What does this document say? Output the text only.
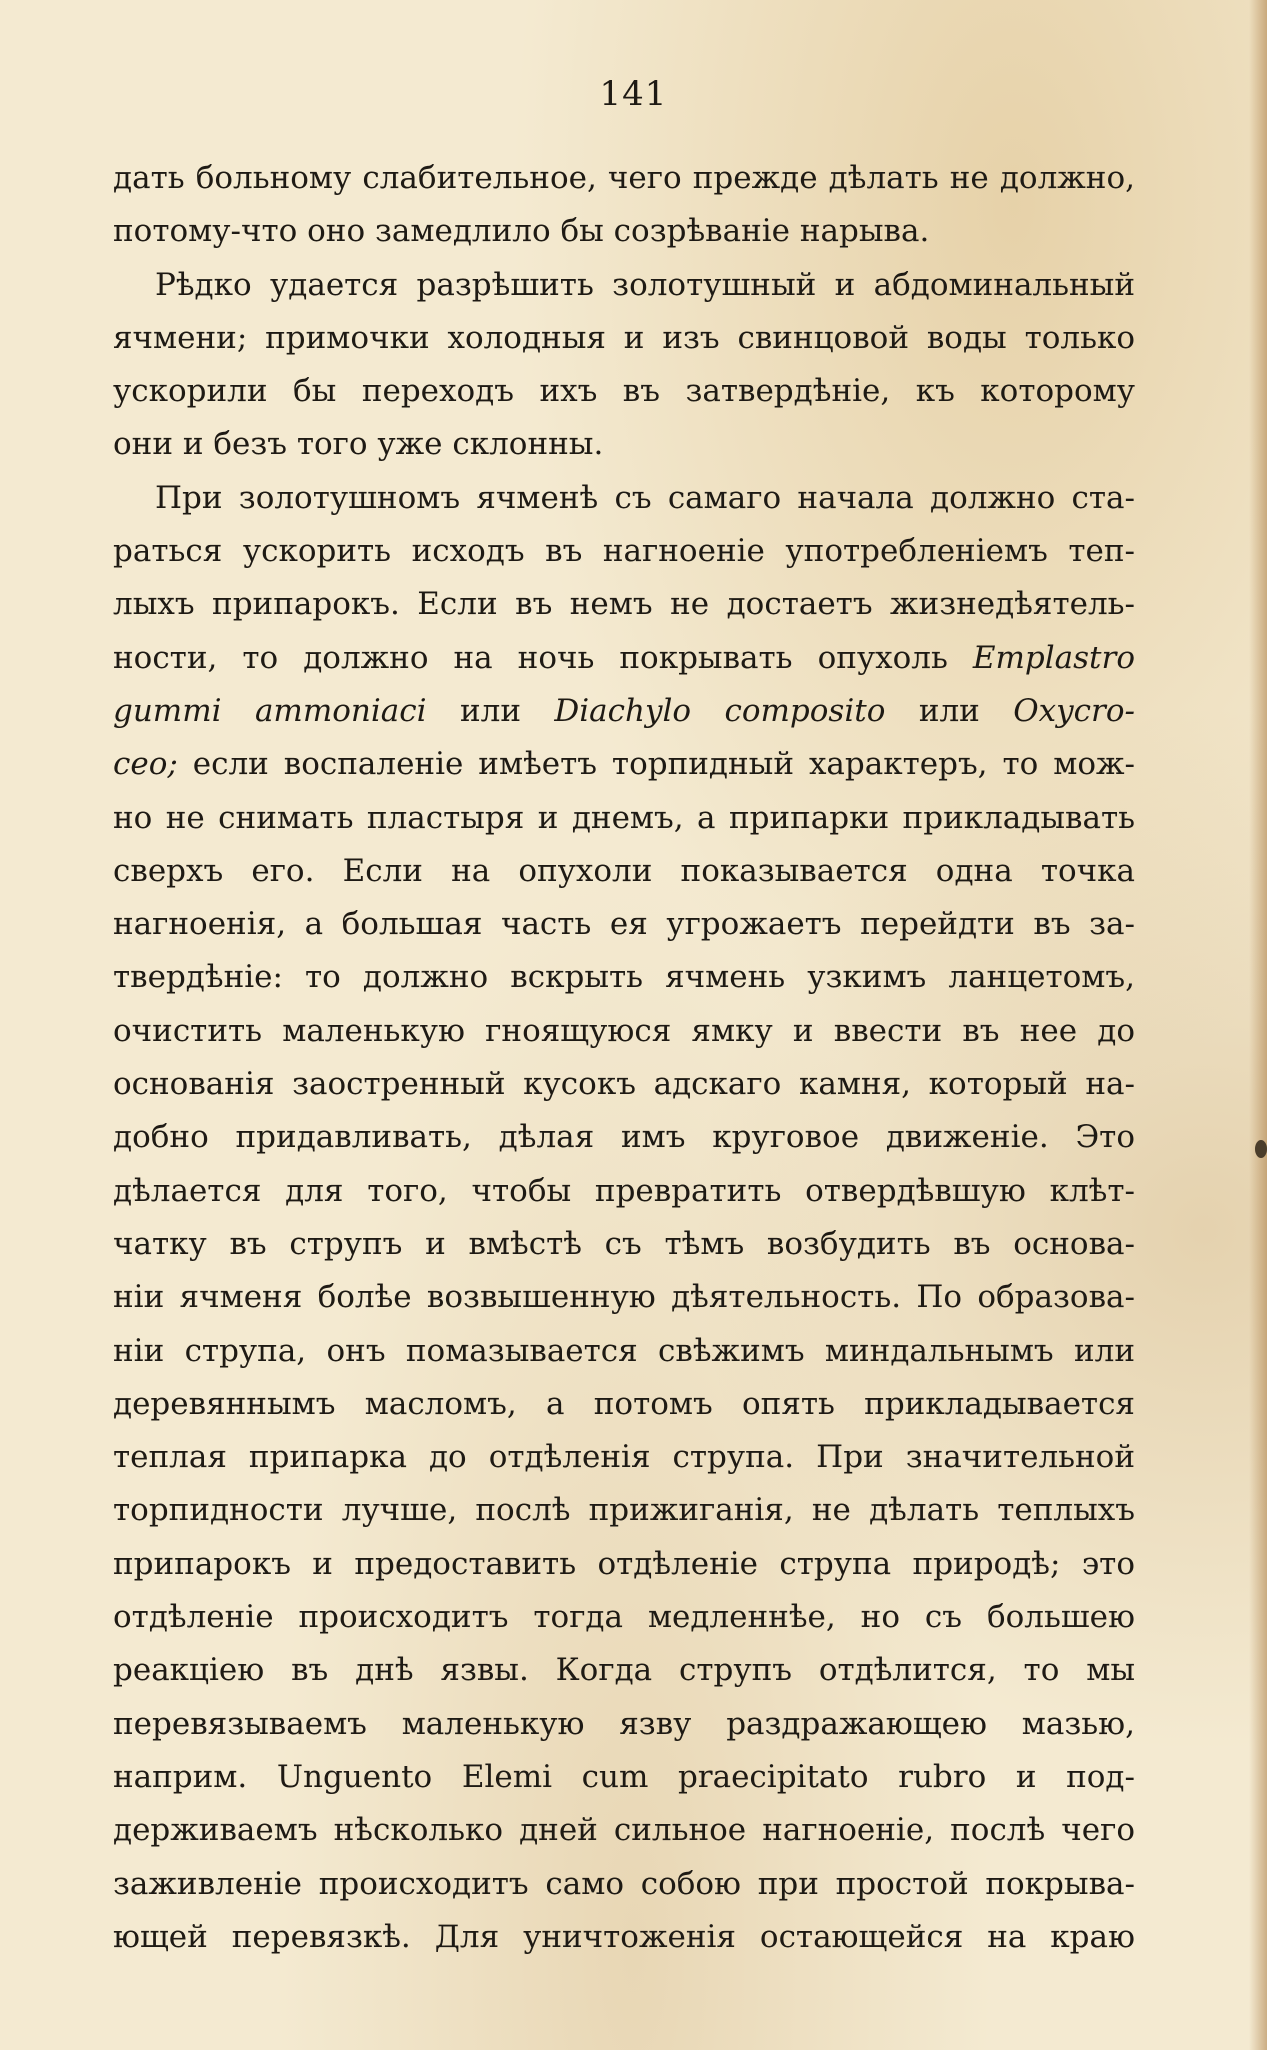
141
дать больному слабительное, чего прежде дѣлать не должно,
потому-что оно замедлило бы созрѣванiе нарыва.
Рѣдко удается разрѣшить золотушный и абдоминальный
ячмени; примочки холодныя и изъ свинцовой воды только
ускорили бы переходъ ихъ въ затвердѣнiе, къ которому
они и безъ того уже склонны.
При золотушномъ ячменѣ съ самаго начала должно ста-
раться ускорить исходъ въ нагноенiе употребленiемъ теп-
лыхъ припарокъ. Если въ немъ не достаетъ жизнедѣятель-
ности, то должно на ночь покрывать опухоль Emplastro
gummi ammoniaci или Diachylo composito или Oxycro-
ceo; если воспаленiе имѣетъ торпидный характеръ, то мож-
но не снимать пластыря и днемъ, а припарки прикладывать
сверхъ его. Если на опухоли показывается одна точка
нагноенiя, а большая часть ея угрожаетъ перейдти въ за-
твердѣнiе: то должно вскрыть ячмень узкимъ ланцетомъ,
очистить маленькую гноящуюся ямку и ввести въ нее до
основанiя заостренный кусокъ адскаго камня, который на-
добно придавливать, дѣлая имъ круговое движенiе. Это
дѣлается для того, чтобы превратить отвердѣвшую клѣт-
чатку въ струпъ и вмѣстѣ съ тѣмъ возбудить въ основа-
нiи ячменя болѣе возвышенную дѣятельность. По образова-
нiи струпа, онъ помазывается свѣжимъ миндальнымъ или
деревяннымъ масломъ, а потомъ опять прикладывается
теплая припарка до отдѣленiя струпа. При значительной
торпидности лучше, послѣ прижиганiя, не дѣлать теплыхъ
припарокъ и предоставить отдѣленiе струпа природѣ; это
отдѣленiе происходитъ тогда медленнѣе, но съ большею
реакцiею въ днѣ язвы. Когда струпъ отдѣлится, то мы
перевязываемъ маленькую язву раздражающею мазью,
наприм. Unguento Elemi cum praecipitato rubro и под-
держиваемъ нѣсколько дней сильное нагноенiе, послѣ чего
заживленiе происходитъ само собою при простой покрыва-
ющей перевязкѣ. Для уничтоженiя остающейся на краю
